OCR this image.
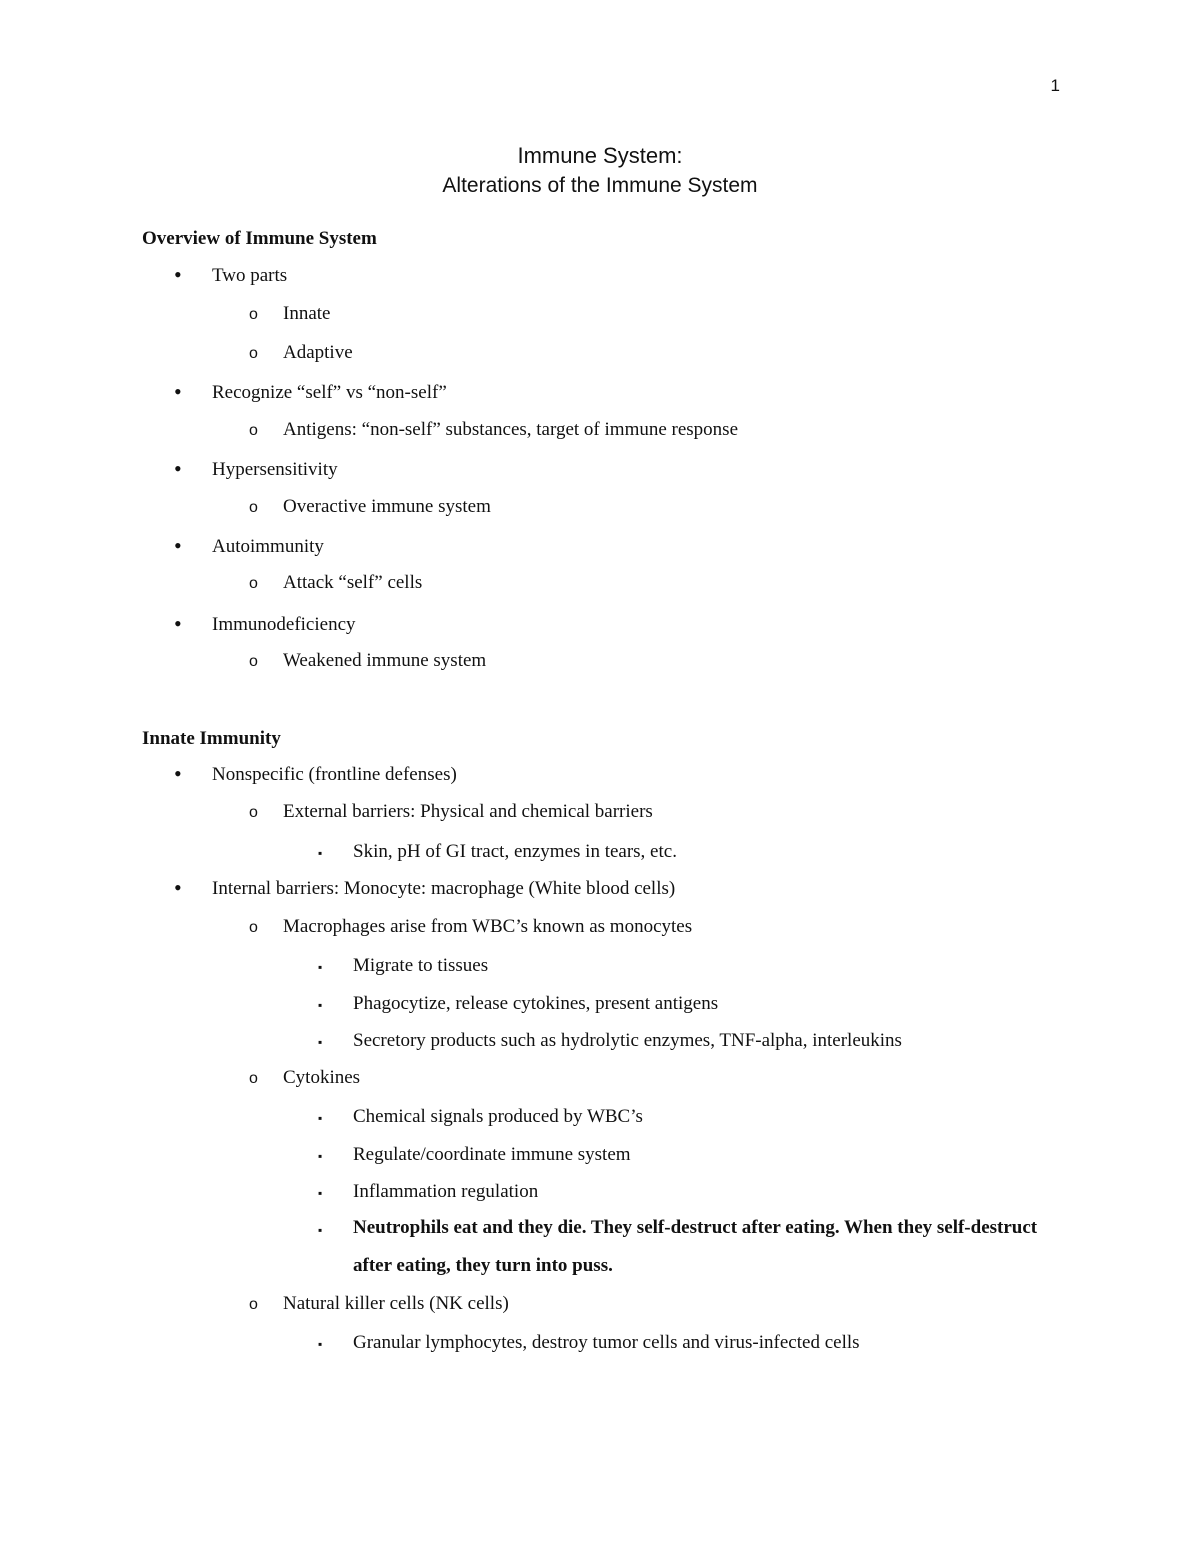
1
Immune System:
Alterations of the Immune System
Overview of Immune System
• Two parts
o Innate
o Adaptive
• Recognize “self” vs “non-self”
o Antigens: “non-self” substances, target of immune response
• Hypersensitivity
o Overactive immune system
• Autoimmunity
o Attack “self” cells
• Immunodeficiency
o Weakened immune system
Innate Immunity
• Nonspecific (frontline defenses)
o External barriers: Physical and chemical barriers
▪ Skin, pH of GI tract, enzymes in tears, etc.
• Internal barriers: Monocyte: macrophage (White blood cells)
o Macrophages arise from WBC’s known as monocytes
▪ Migrate to tissues
▪ Phagocytize, release cytokines, present antigens
▪ Secretory products such as hydrolytic enzymes, TNF-alpha, interleukins
o Cytokines
▪ Chemical signals produced by WBC’s
▪ Regulate/coordinate immune system
▪ Inflammation regulation
▪ Neutrophils eat and they die. They self-destruct after eating. When they self-destruct after eating, they turn into puss.
o Natural killer cells (NK cells)
▪ Granular lymphocytes, destroy tumor cells and virus-infected cells
